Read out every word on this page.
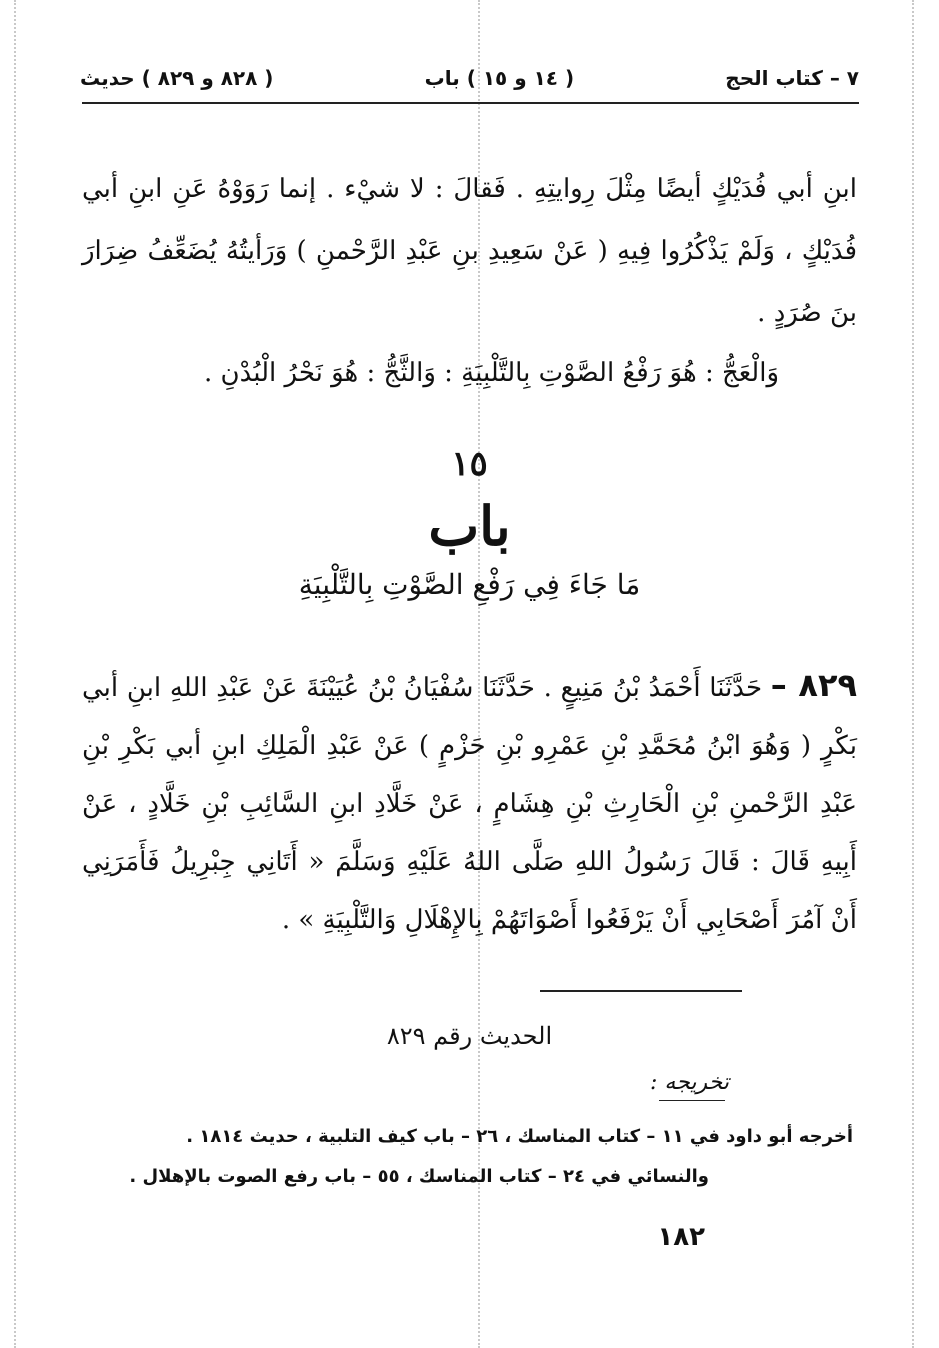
٧ – كتاب الحج
( ١٤ و ١٥ ) باب
( ٨٢٨ و ٨٢٩ ) حديث

ابنِ أبي فُدَيْكٍ أيضًا مِثْلَ رِوايتِهِ . فَقالَ : لا شيْء . إنما رَوَوْهُ عَنِ ابنِ أبي فُدَيْكٍ ، وَلَمْ يَذْكُرُوا فِيهِ ( عَنْ سَعِيدِ بنِ عَبْدِ الرَّحْمنِ ) وَرَأيتُهُ يُضَعِّفُ ضِرَارَ بنَ صُرَدٍ .

وَالْعَجُّ : هُوَ رَفْعُ الصَّوْتِ بِالتَّلْبِيَةِ : وَالثَّجُّ : هُوَ نَحْرُ الْبُدْنِ .

١٥
باب
مَا جَاءَ فِي رَفْعِ الصَّوْتِ بِالتَّلْبِيَةِ

٨٢٩ – حَدَّثَنَا أَحْمَدُ بْنُ مَنِيعٍ . حَدَّثَنَا سُفْيَانُ بْنُ عُيَيْنَةَ عَنْ عَبْدِ اللهِ ابنِ أبي بَكْرٍ ( وَهُوَ ابْنُ مُحَمَّدِ بْنِ عَمْرِو بْنِ حَزْمٍ ) عَنْ عَبْدِ الْمَلِكِ ابنِ أبي بَكْرِ بْنِ عَبْدِ الرَّحْمنِ بْنِ الْحَارِثِ بْنِ هِشَامٍ ، عَنْ خَلَّادِ ابنِ السَّائِبِ بْنِ خَلَّادٍ ، عَنْ أَبِيهِ قَالَ : قَالَ رَسُولُ اللهِ صَلَّى اللهُ عَلَيْهِ وَسَلَّمَ « أَتَانِي جِبْرِيلُ فَأَمَرَنِي أَنْ آمُرَ أَصْحَابِي أَنْ يَرْفَعُوا أَصْوَاتَهُمْ بِالإِهْلَالِ وَالتَّلْبِيَةِ » .

الحديث رقم ٨٢٩
تخريجه :
أخرجه أبو داود في ١١ – كتاب المناسك ، ٢٦ – باب كيف التلبية ، حديث ١٨١٤ .
والنسائي في ٢٤ – كتاب المناسك ، ٥٥ – باب رفع الصوت بالإهلال .
١٨٢
